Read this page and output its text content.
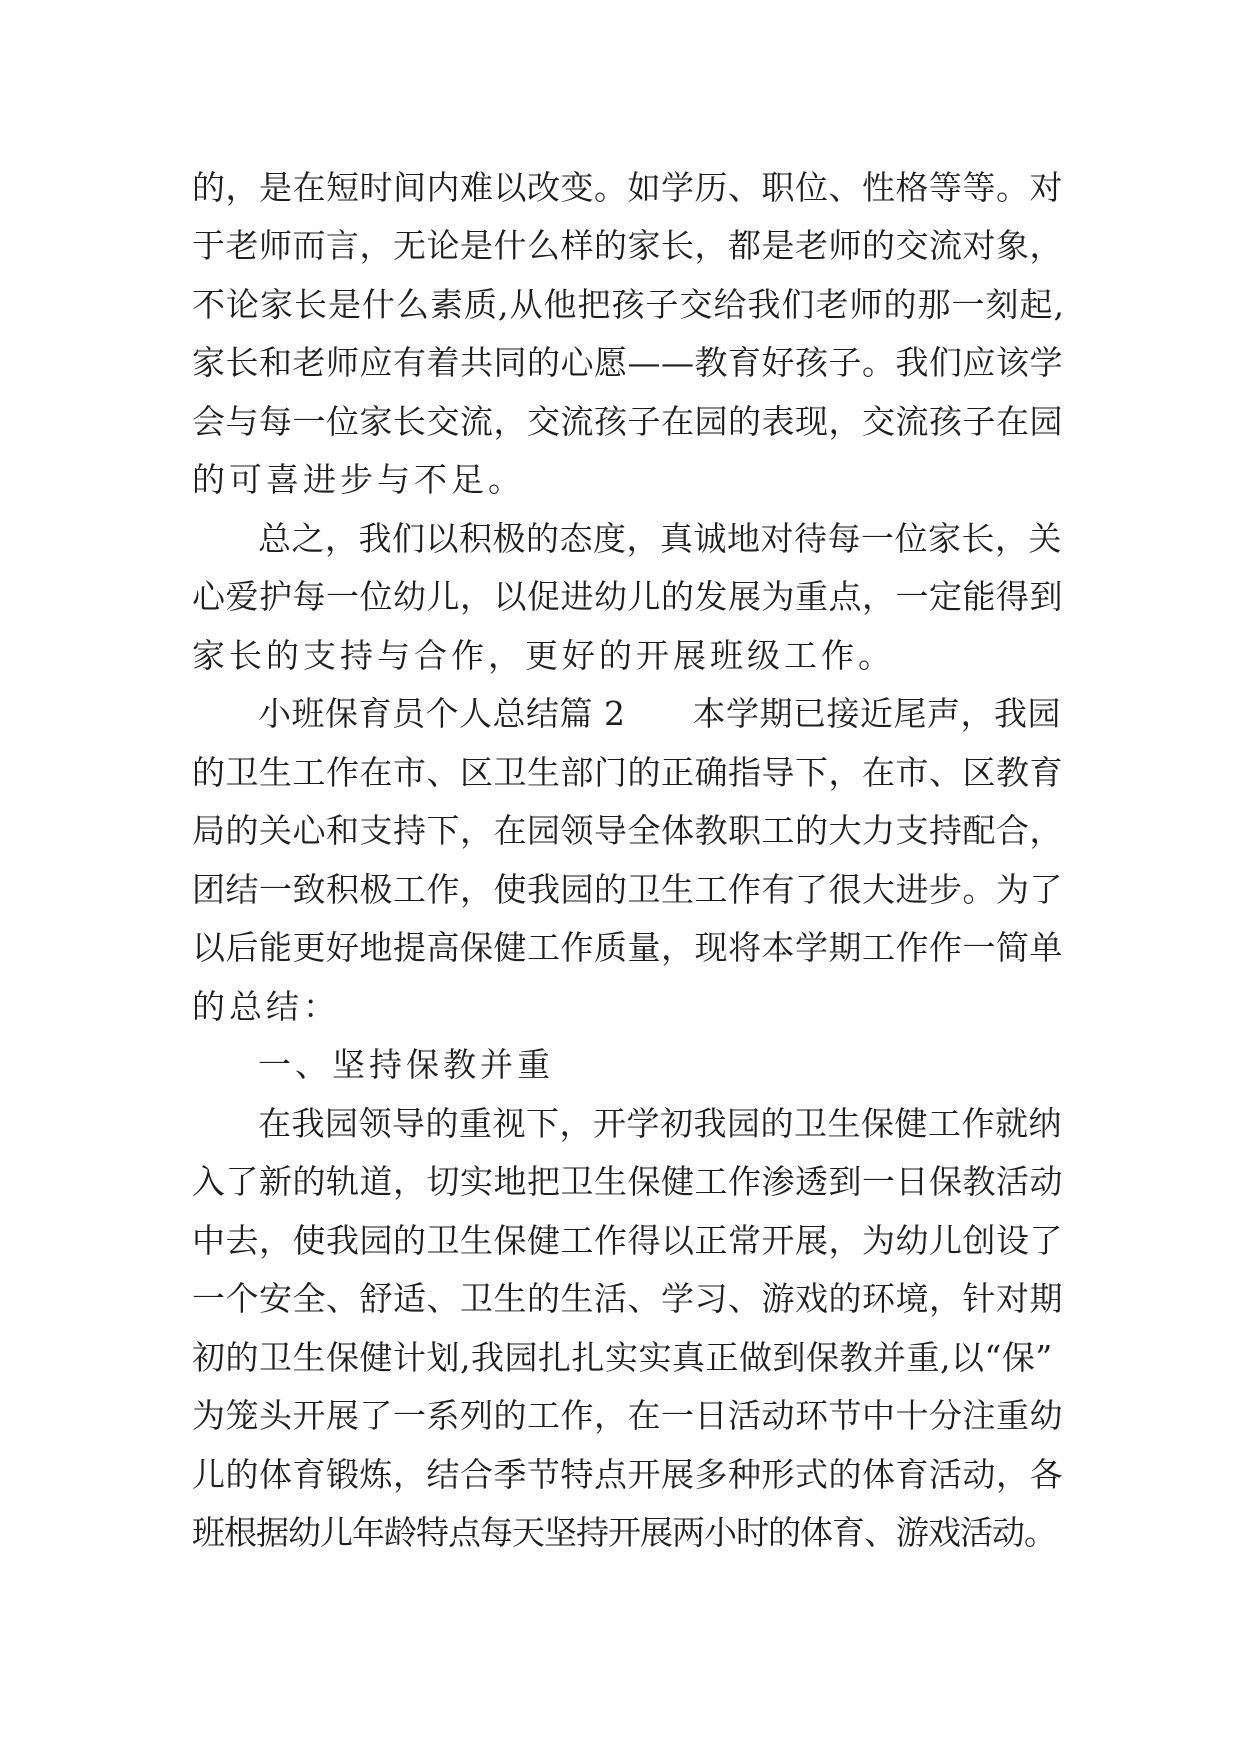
的，是在短时间内难以改变。如学历、职位、性格等等。对
于老师而言，无论是什么样的家长，都是老师的交流对象，
不论家长是什么素质,从他把孩子交给我们老师的那一刻起,
家长和老师应有着共同的心愿——教育好孩子。我们应该学
会与每一位家长交流，交流孩子在园的表现，交流孩子在园
的可喜进步与不足。
总之，我们以积极的态度，真诚地对待每一位家长，关
心爱护每一位幼儿，以促进幼儿的发展为重点，一定能得到
家长的支持与合作，更好的开展班级工作。
小班保育员个人总结篇 2　　本学期已接近尾声，我园
的卫生工作在市、区卫生部门的正确指导下，在市、区教育
局的关心和支持下，在园领导全体教职工的大力支持配合，
团结一致积极工作，使我园的卫生工作有了很大进步。为了
以后能更好地提高保健工作质量，现将本学期工作作一简单
的总结：
一、坚持保教并重
在我园领导的重视下，开学初我园的卫生保健工作就纳
入了新的轨道，切实地把卫生保健工作渗透到一日保教活动
中去，使我园的卫生保健工作得以正常开展，为幼儿创设了
一个安全、舒适、卫生的生活、学习、游戏的环境，针对期
初的卫生保健计划,我园扎扎实实真正做到保教并重,以“保”
为笼头开展了一系列的工作，在一日活动环节中十分注重幼
儿的体育锻炼，结合季节特点开展多种形式的体育活动，各
班根据幼儿年龄特点每天坚持开展两小时的体育、游戏活动。
